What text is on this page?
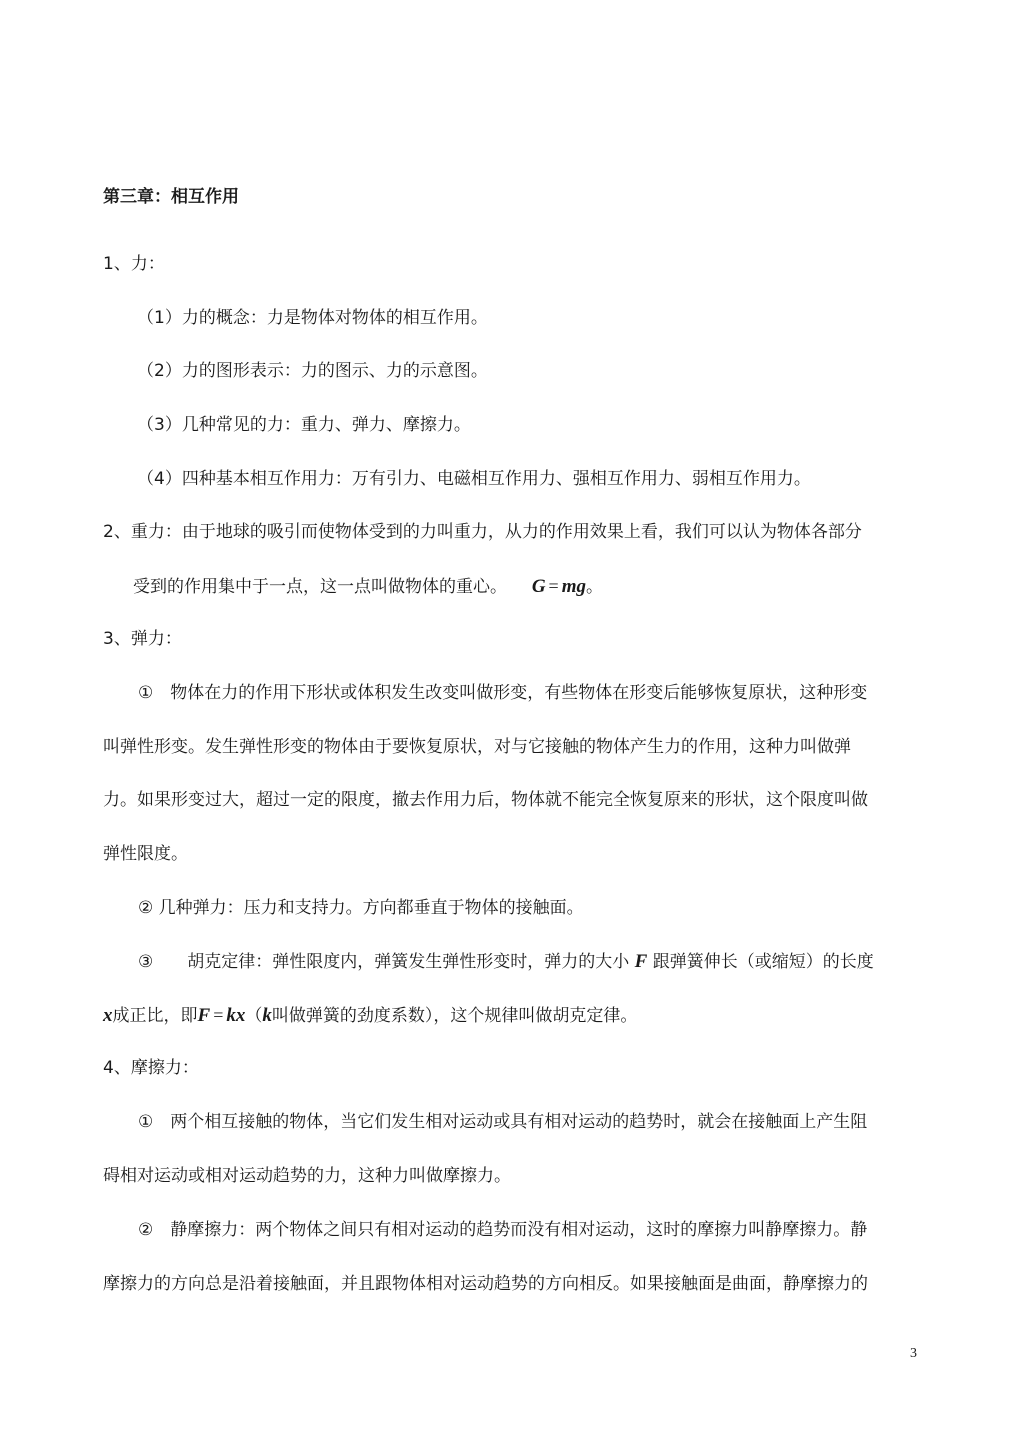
第三章：相互作用
1、力：
（1）力的概念：力是物体对物体的相互作用。
（2）力的图形表示：力的图示、力的示意图。
（3）几种常见的力：重力、弹力、摩擦力。
（4）四种基本相互作用力：万有引力、电磁相互作用力、强相互作用力、弱相互作用力。
2、重力：由于地球的吸引而使物体受到的力叫重力，从力的作用效果上看，我们可以认为物体各部分
受到的作用集中于一点，这一点叫做物体的重心。 G = mg。
3、弹力：
①　物体在力的作用下形状或体积发生改变叫做形变，有些物体在形变后能够恢复原状，这种形变
叫弹性形变。发生弹性形变的物体由于要恢复原状，对与它接触的物体产生力的作用，这种力叫做弹
力。如果形变过大，超过一定的限度，撤去作用力后，物体就不能完全恢复原来的形状，这个限度叫做
弹性限度。
② 几种弹力：压力和支持力。方向都垂直于物体的接触面。
③　　胡克定律：弹性限度内，弹簧发生弹性形变时，弹力的大小 F 跟弹簧伸长（或缩短）的长度
x成正比，即F = kx（k叫做弹簧的劲度系数），这个规律叫做胡克定律。
4、摩擦力：
①　两个相互接触的物体，当它们发生相对运动或具有相对运动的趋势时，就会在接触面上产生阻
碍相对运动或相对运动趋势的力，这种力叫做摩擦力。
②　静摩擦力：两个物体之间只有相对运动的趋势而没有相对运动，这时的摩擦力叫静摩擦力。静
摩擦力的方向总是沿着接触面，并且跟物体相对运动趋势的方向相反。如果接触面是曲面，静摩擦力的
3
